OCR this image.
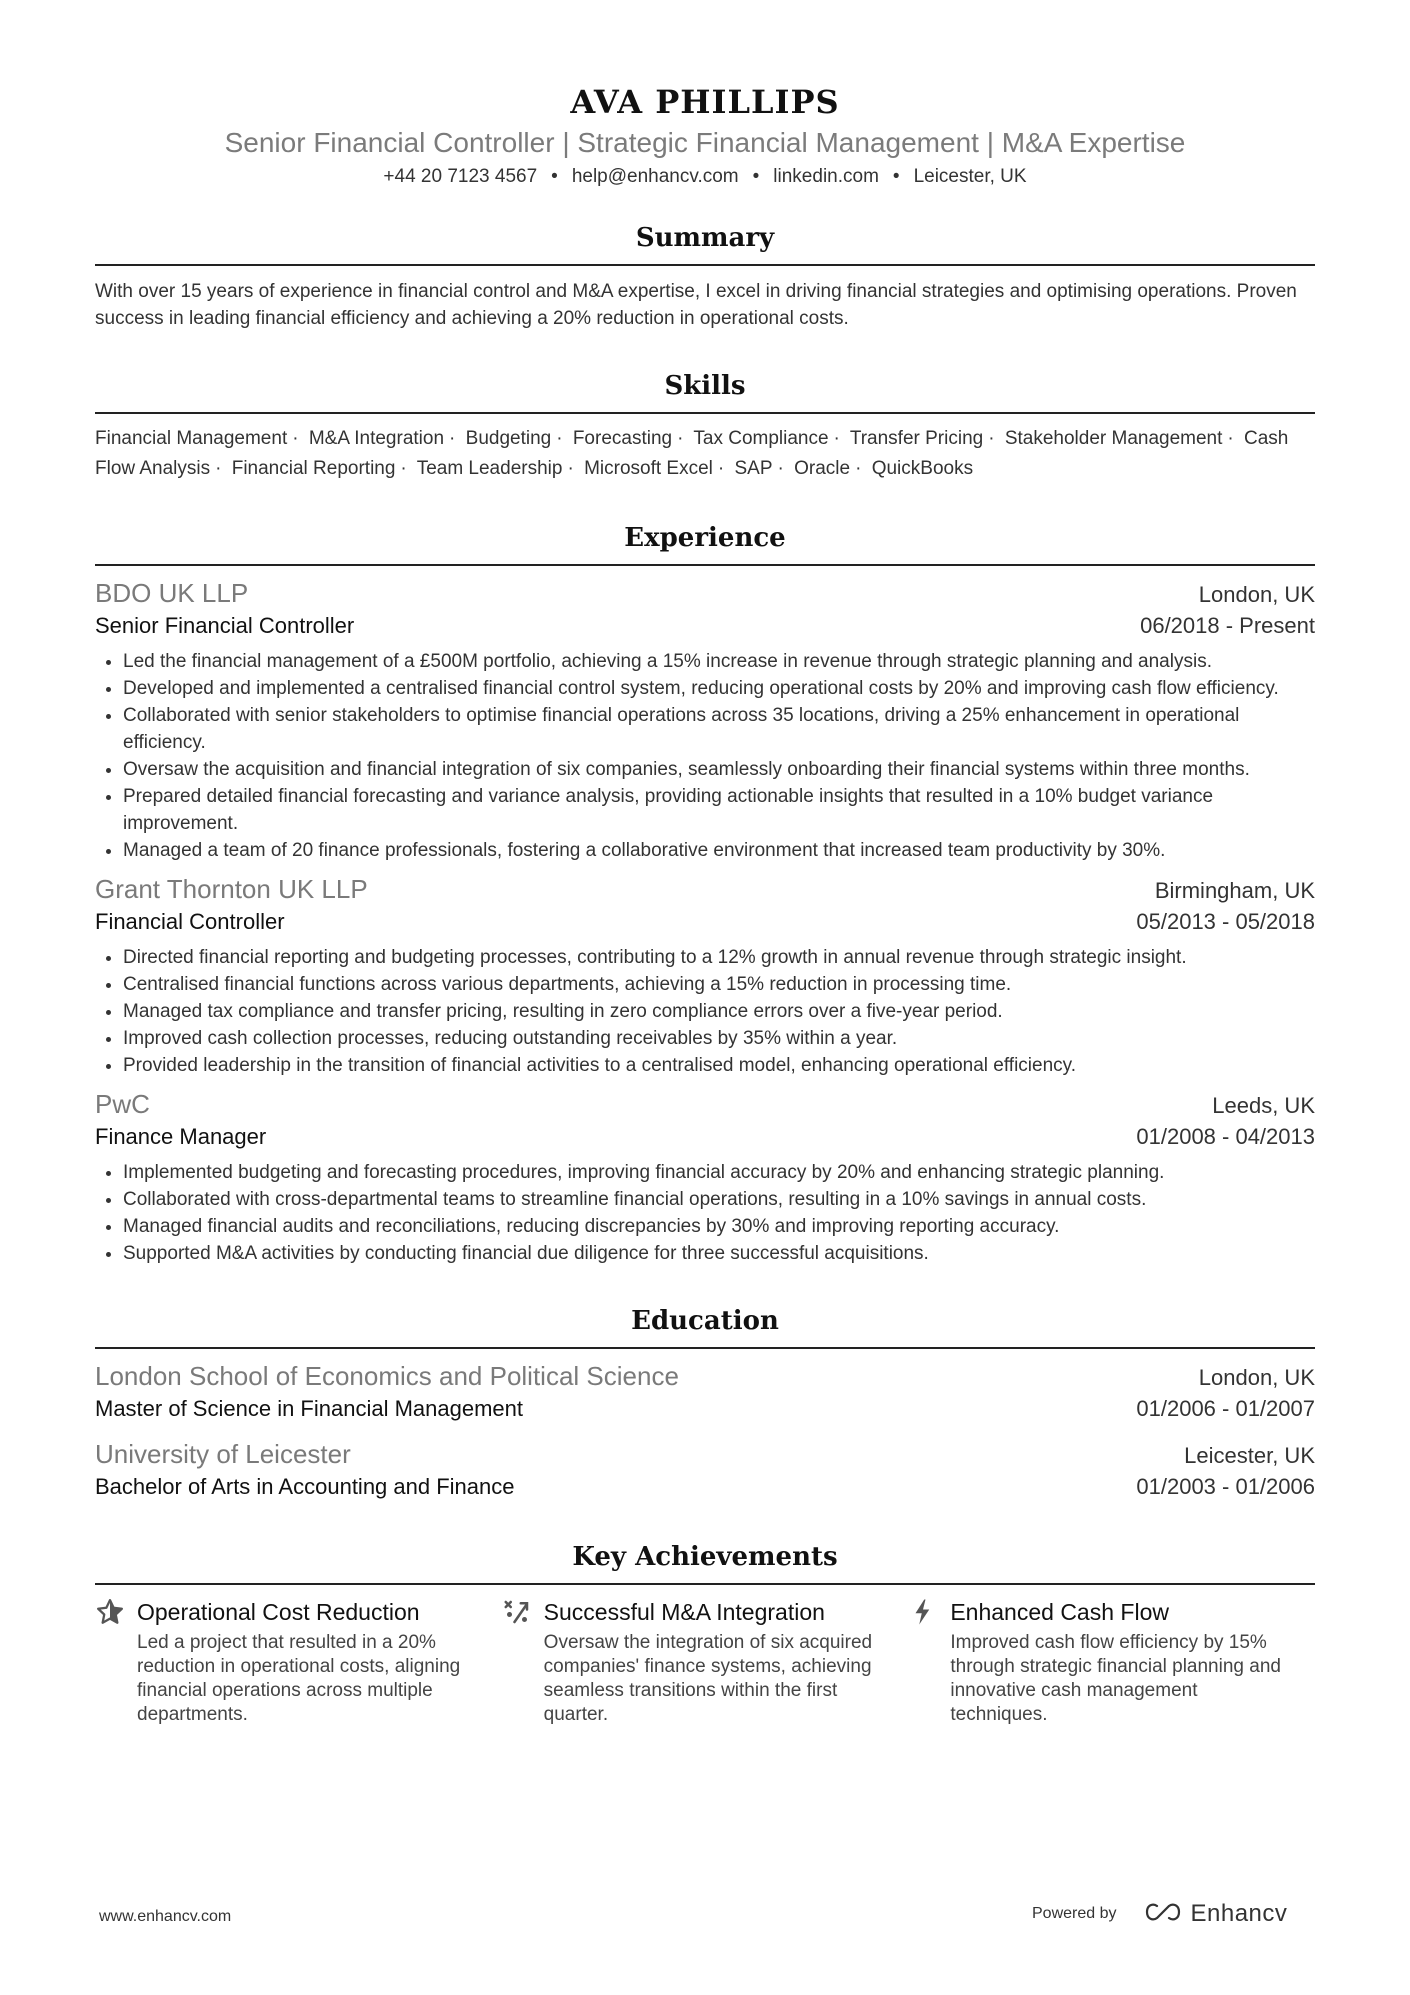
AVA PHILLIPS
Senior Financial Controller | Strategic Financial Management | M&A Expertise
+44 20 7123 4567 • help@enhancv.com • linkedin.com • Leicester, UK
Summary
With over 15 years of experience in financial control and M&A expertise, I excel in driving financial strategies and optimising operations. Proven success in leading financial efficiency and achieving a 20% reduction in operational costs.
Skills
Financial Management · M&A Integration · Budgeting · Forecasting · Tax Compliance · Transfer Pricing · Stakeholder Management · Cash Flow Analysis · Financial Reporting · Team Leadership · Microsoft Excel · SAP · Oracle · QuickBooks
Experience
BDO UK LLP	London, UK
Senior Financial Controller	06/2018 - Present
• Led the financial management of a £500M portfolio, achieving a 15% increase in revenue through strategic planning and analysis.
• Developed and implemented a centralised financial control system, reducing operational costs by 20% and improving cash flow efficiency.
• Collaborated with senior stakeholders to optimise financial operations across 35 locations, driving a 25% enhancement in operational efficiency.
• Oversaw the acquisition and financial integration of six companies, seamlessly onboarding their financial systems within three months.
• Prepared detailed financial forecasting and variance analysis, providing actionable insights that resulted in a 10% budget variance improvement.
• Managed a team of 20 finance professionals, fostering a collaborative environment that increased team productivity by 30%.
Grant Thornton UK LLP	Birmingham, UK
Financial Controller	05/2013 - 05/2018
• Directed financial reporting and budgeting processes, contributing to a 12% growth in annual revenue through strategic insight.
• Centralised financial functions across various departments, achieving a 15% reduction in processing time.
• Managed tax compliance and transfer pricing, resulting in zero compliance errors over a five-year period.
• Improved cash collection processes, reducing outstanding receivables by 35% within a year.
• Provided leadership in the transition of financial activities to a centralised model, enhancing operational efficiency.
PwC	Leeds, UK
Finance Manager	01/2008 - 04/2013
• Implemented budgeting and forecasting procedures, improving financial accuracy by 20% and enhancing strategic planning.
• Collaborated with cross-departmental teams to streamline financial operations, resulting in a 10% savings in annual costs.
• Managed financial audits and reconciliations, reducing discrepancies by 30% and improving reporting accuracy.
• Supported M&A activities by conducting financial due diligence for three successful acquisitions.
Education
London School of Economics and Political Science	London, UK
Master of Science in Financial Management	01/2006 - 01/2007
University of Leicester	Leicester, UK
Bachelor of Arts in Accounting and Finance	01/2003 - 01/2006
Key Achievements
Operational Cost Reduction
Led a project that resulted in a 20% reduction in operational costs, aligning financial operations across multiple departments.
Successful M&A Integration
Oversaw the integration of six acquired companies' finance systems, achieving seamless transitions within the first quarter.
Enhanced Cash Flow
Improved cash flow efficiency by 15% through strategic financial planning and innovative cash management techniques.
www.enhancv.com	Powered by	Enhancv
